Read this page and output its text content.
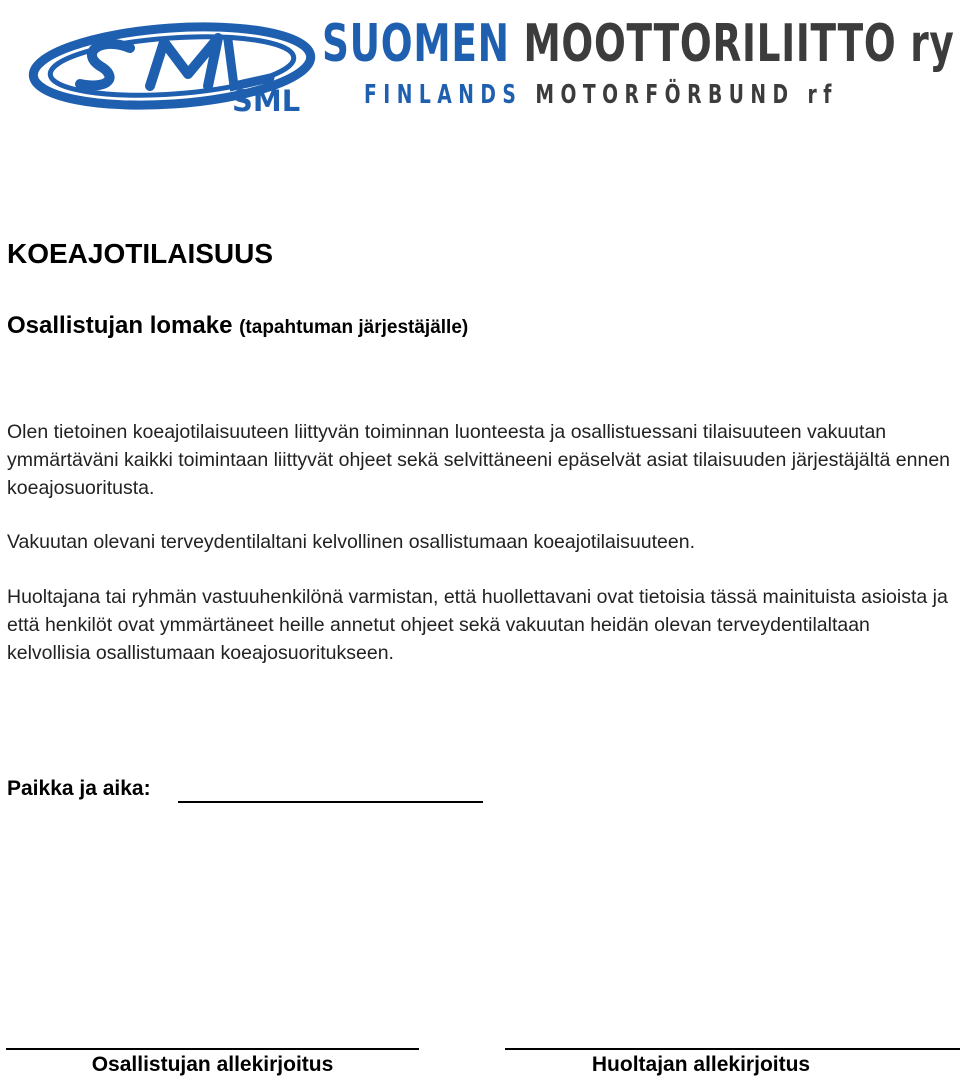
SML
SUOMEN MOOTTORILIITTO ry
FINLANDS MOTORFÖRBUND rf
KOEAJOTILAISUUS
Osallistujan lomake (tapahtuman järjestäjälle)

Olen tietoinen koeajotilaisuuteen liittyvän toiminnan luonteesta ja osallistuessani tilaisuuteen vakuutan ymmärtäväni kaikki toimintaan liittyvät ohjeet sekä selvittäneeni epäselvät asiat tilaisuuden järjestäjältä ennen koeajosuoritusta.

Vakuutan olevani terveydentilaltani kelvollinen osallistumaan koeajotilaisuuteen.

Huoltajana tai ryhmän vastuuhenkilönä varmistan, että huollettavani ovat tietoisia tässä mainituista asioista ja että henkilöt ovat ymmärtäneet heille annetut ohjeet sekä vakuutan heidän olevan terveydentilaltaan kelvollisia osallistumaan koeajosuoritukseen.

Paikka ja aika:
Osallistujan allekirjoitus	Huoltajan allekirjoitus
